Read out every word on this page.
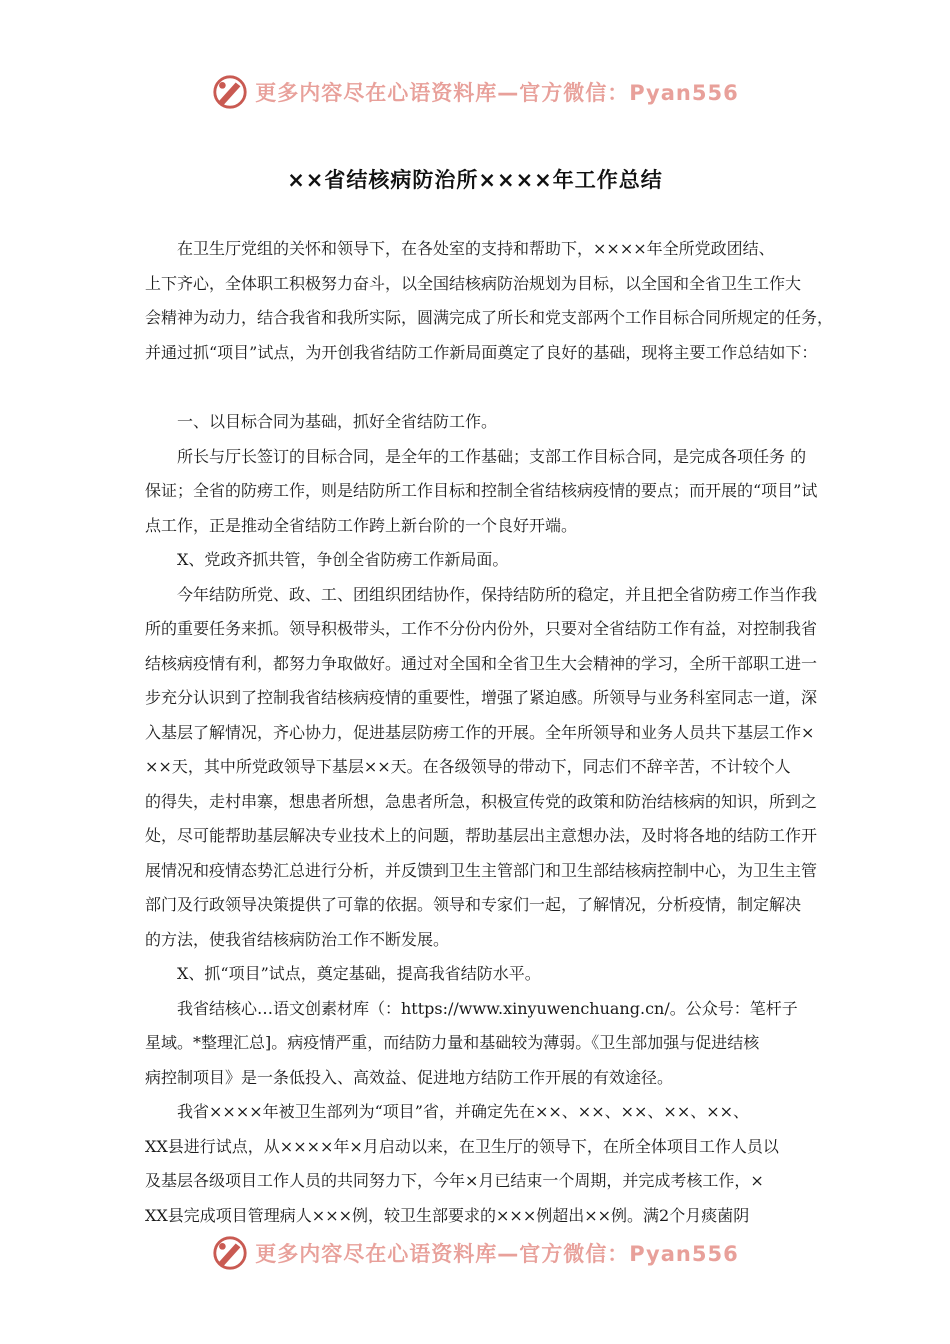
更多内容尽在心语资料库—官方微信：Pyan556
××省结核病防治所××××年工作总结

在卫生厅党组的关怀和领导下，在各处室的支持和帮助下，××××年全所党政团结、
上下齐心，全体职工积极努力奋斗，以全国结核病防治规划为目标，以全国和全省卫生工作大
会精神为动力，结合我省和我所实际，圆满完成了所长和党支部两个工作目标合同所规定的任务，
并通过抓“项目”试点，为开创我省结防工作新局面奠定了良好的基础，现将主要工作总结如下：

一、以目标合同为基础，抓好全省结防工作。

所长与厅长签订的目标合同，是全年的工作基础；支部工作目标合同，是完成各项任务 的
保证；全省的防痨工作，则是结防所工作目标和控制全省结核病疫情的要点；而开展的“项目”试
点工作，正是推动全省结防工作跨上新台阶的一个良好开端。

X、党政齐抓共管，争创全省防痨工作新局面。

今年结防所党、政、工、团组织团结协作，保持结防所的稳定，并且把全省防痨工作当作我
所的重要任务来抓。领导积极带头，工作不分份内份外，只要对全省结防工作有益，对控制我省
结核病疫情有利，都努力争取做好。通过对全国和全省卫生大会精神的学习，全所干部职工进一
步充分认识到了控制我省结核病疫情的重要性，增强了紧迫感。所领导与业务科室同志一道，深
入基层了解情况，齐心协力，促进基层防痨工作的开展。全年所领导和业务人员共下基层工作×
××天，其中所党政领导下基层××天。在各级领导的带动下，同志们不辞辛苦，不计较个人
的得失，走村串寨，想患者所想，急患者所急，积极宣传党的政策和防治结核病的知识，所到之
处，尽可能帮助基层解决专业技术上的问题，帮助基层出主意想办法，及时将各地的结防工作开
展情况和疫情态势汇总进行分析，并反馈到卫生主管部门和卫生部结核病控制中心，为卫生主管
部门及行政领导决策提供了可靠的依据。领导和专家们一起，了解情况，分析疫情，制定解决
的方法，使我省结核病防治工作不断发展。

X、抓“项目”试点，奠定基础，提高我省结防水平。

我省结核心…语文创素材库（：https://www.xinyuwenchuang.cn/。公众号：笔杆子
星域。*整理汇总]。病疫情严重，而结防力量和基础较为薄弱。《卫生部加强与促进结核
病控制项目》是一条低投入、高效益、促进地方结防工作开展的有效途径。

我省××××年被卫生部列为“项目”省，并确定先在××、××、××、××、××、
XX县进行试点，从××××年×月启动以来，在卫生厅的领导下，在所全体项目工作人员以
及基层各级项目工作人员的共同努力下，今年×月已结束一个周期，并完成考核工作，×
XX县完成项目管理病人×××例，较卫生部要求的×××例超出××例。满2个月痰菌阴

更多内容尽在心语资料库—官方微信：Pyan556
